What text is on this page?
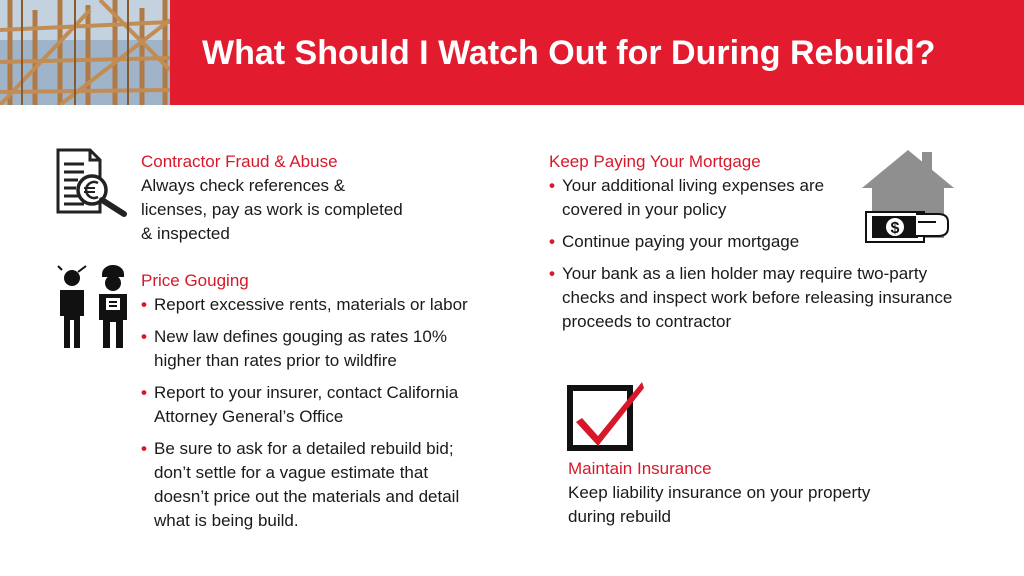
What Should I Watch Out for During Rebuild?
Contractor Fraud & Abuse
Always check references &
licenses, pay as work is completed
& inspected
Price Gouging
• Report excessive rents, materials or labor
• New law defines gouging as rates 10%
higher than rates prior to wildfire
• Report to your insurer, contact California
Attorney General’s Office
• Be sure to ask for a detailed rebuild bid;
don’t settle for a vague estimate that
doesn’t price out the materials and detail
what is being build.
Keep Paying Your Mortgage
• Your additional living expenses are
covered in your policy
• Continue paying your mortgage
• Your bank as a lien holder may require two-party
checks and inspect work before releasing insurance
proceeds to contractor
$
Maintain Insurance
Keep liability insurance on your property
during rebuild
